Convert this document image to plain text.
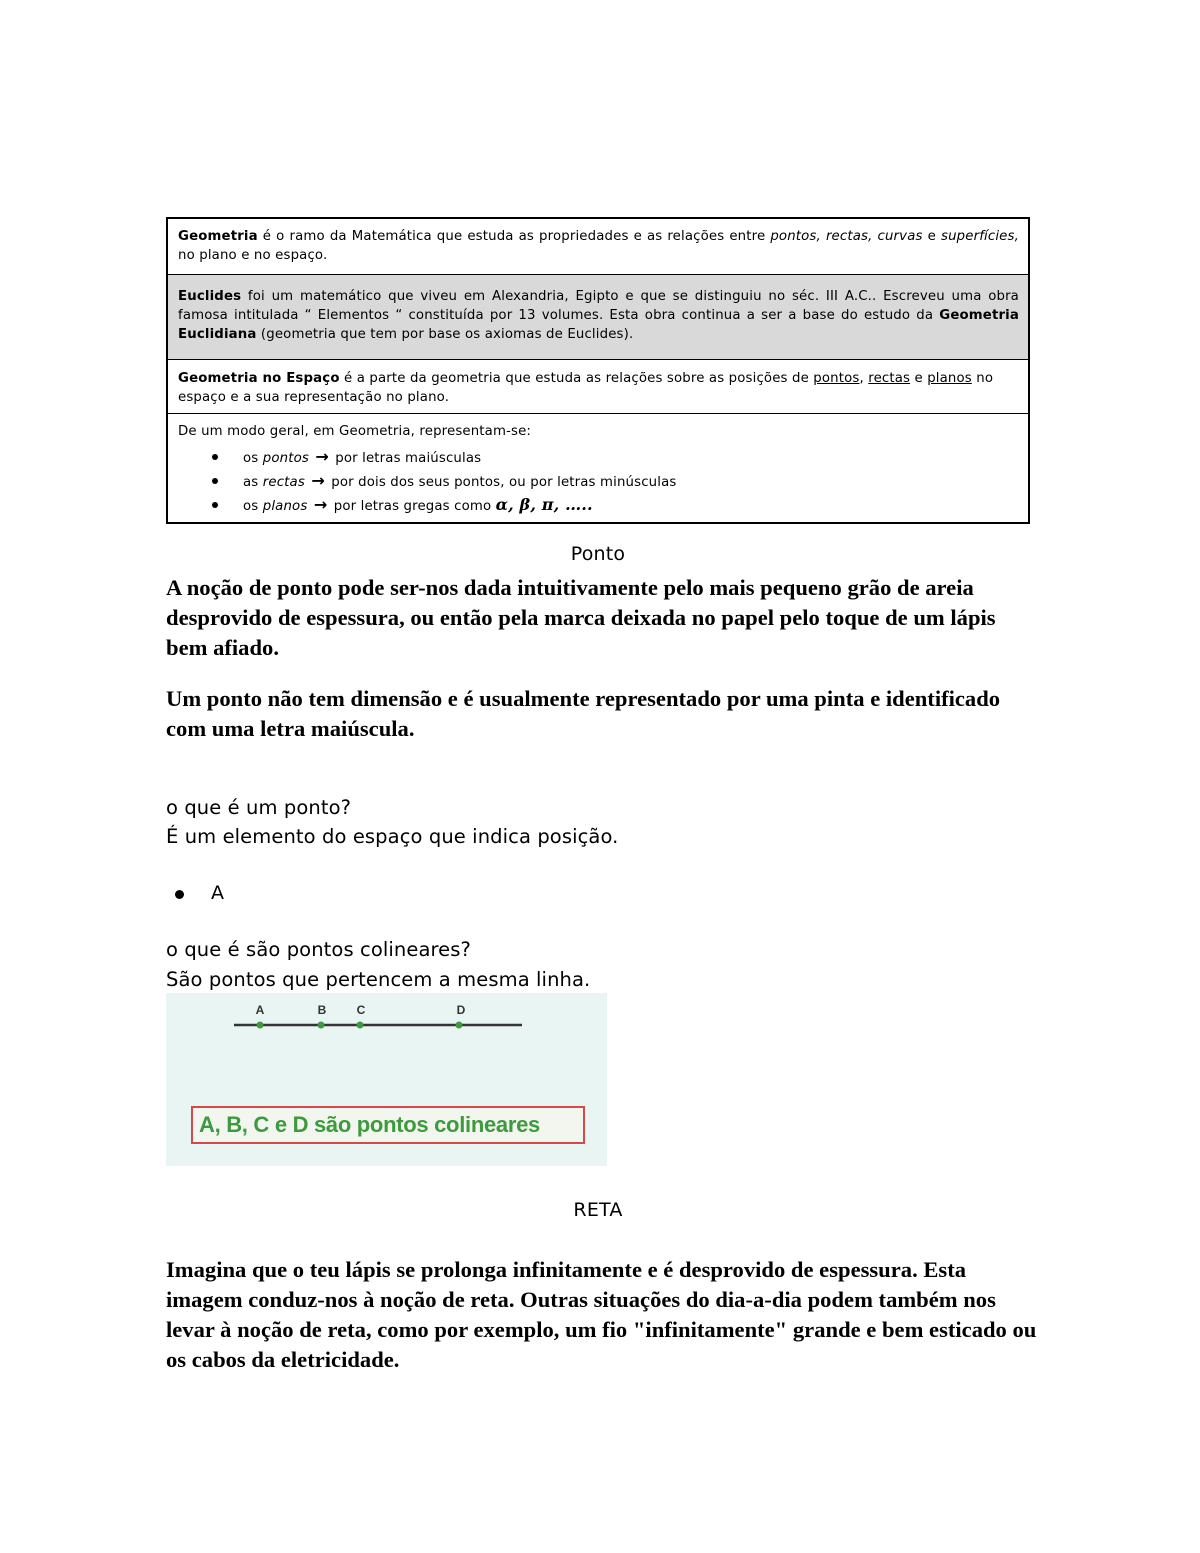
Geometria é o ramo da Matemática que estuda as propriedades e as relações entre pontos, rectas, curvas e superfícies, no plano e no espaço.
Euclides foi um matemático que viveu em Alexandria, Egipto e que se distinguiu no séc. III A.C.. Escreveu uma obra famosa intitulada “ Elementos “ constituída por 13 volumes. Esta obra continua a ser a base do estudo da Geometria Euclidiana (geometria que tem por base os axiomas de Euclides).
Geometria no Espaço é a parte da geometria que estuda as relações sobre as posições de pontos, rectas e planos no espaço e a sua representação no plano.
De um modo geral, em Geometria, representam-se:
os pontos → por letras maiúsculas
as rectas → por dois dos seus pontos, ou por letras minúsculas
os planos → por letras gregas como α, β, π, …..
Ponto
A noção de ponto pode ser-nos dada intuitivamente pelo mais pequeno grão de areia desprovido de espessura, ou então pela marca deixada no papel pelo toque de um lápis bem afiado.
Um ponto não tem dimensão e é usualmente representado por uma pinta e identificado com uma letra maiúscula.
o que é um ponto?
É um elemento do espaço que indica posição.
A
o que é são pontos colineares?
São pontos que pertencem a mesma linha.
A	B	C	D
A, B, C e D são pontos colineares
RETA
Imagina que o teu lápis se prolonga infinitamente e é desprovido de espessura. Esta imagem conduz-nos à noção de reta. Outras situações do dia-a-dia podem também nos levar à noção de reta, como por exemplo, um fio "infinitamente" grande e bem esticado ou os cabos da eletricidade.
